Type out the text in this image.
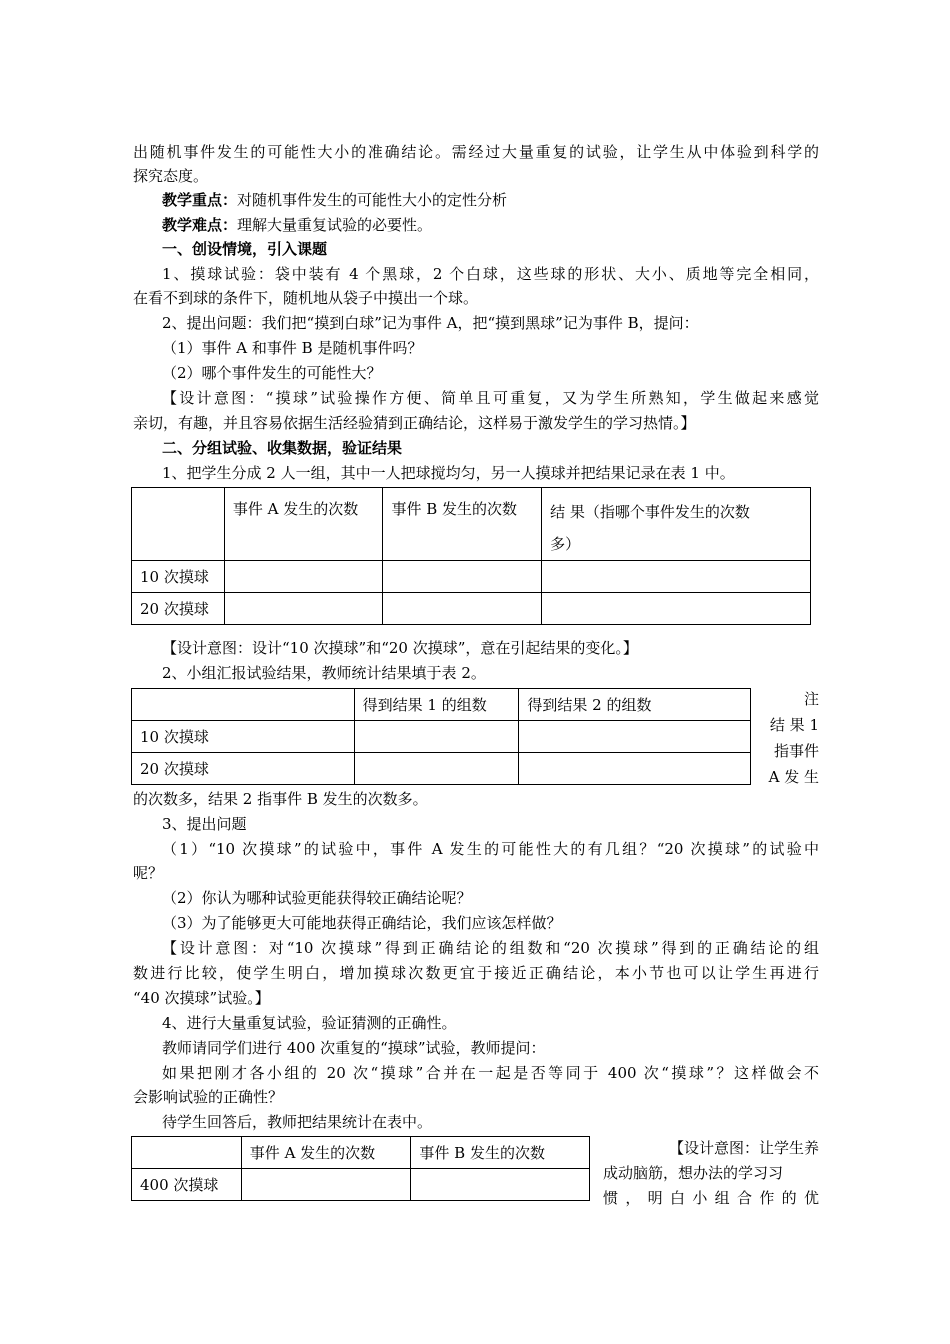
出随机事件发生的可能性大小的准确结论。需经过大量重复的试验，让学生从中体验到科学的
探究态度。
教学重点：对随机事件发生的可能性大小的定性分析
教学难点：理解大量重复试验的必要性。
一、创设情境，引入课题
1、摸球试验：袋中装有 4 个黑球，2 个白球，这些球的形状、大小、质地等完全相同，
在看不到球的条件下，随机地从袋子中摸出一个球。
2、提出问题：我们把“摸到白球”记为事件 A，把“摸到黑球”记为事件 B，提问：
（1）事件 A 和事件 B 是随机事件吗？
（2）哪个事件发生的可能性大？
【设计意图：“摸球”试验操作方便、简单且可重复，又为学生所熟知，学生做起来感觉
亲切，有趣，并且容易依据生活经验猜到正确结论，这样易于激发学生的学习热情。】
二、分组试验、收集数据，验证结果
1、把学生分成 2 人一组，其中一人把球搅均匀，另一人摸球并把结果记录在表 1 中。
	事件 A 发生的次数	事件 B 发生的次数	结 果（指哪个事件发生的次数
多）

10 次摸球			
20 次摸球			
【设计意图：设计“10 次摸球”和“20 次摸球”，意在引起结果的变化。】
2、小组汇报试验结果，教师统计结果填于表 2。
	得到结果 1 的组数	得到结果 2 的组数
10 次摸球		
20 次摸球		
注
结 果 1
指事件
A 发 生
的次数多，结果 2 指事件 B 发生的次数多。
3、提出问题
（1）“10 次摸球”的试验中，事件 A 发生的可能性大的有几组？“20 次摸球”的试验中
呢？
（2）你认为哪种试验更能获得较正确结论呢？
（3）为了能够更大可能地获得正确结论，我们应该怎样做？
【设计意图：对“10 次摸球”得到正确结论的组数和“20 次摸球”得到的正确结论的组
数进行比较，使学生明白，增加摸球次数更宜于接近正确结论，本小节也可以让学生再进行
“40 次摸球”试验。】
4、进行大量重复试验，验证猜测的正确性。
教师请同学们进行 400 次重复的“摸球”试验，教师提问：
如果把刚才各小组的 20 次“摸球”合并在一起是否等同于 400 次“摸球”？这样做会不
会影响试验的正确性？
待学生回答后，教师把结果统计在表中。
	事件 A 发生的次数	事件 B 发生的次数
400 次摸球		
【设计意图：让学生养
成动脑筋，想办法的学习习
惯，明白小组合作的优
